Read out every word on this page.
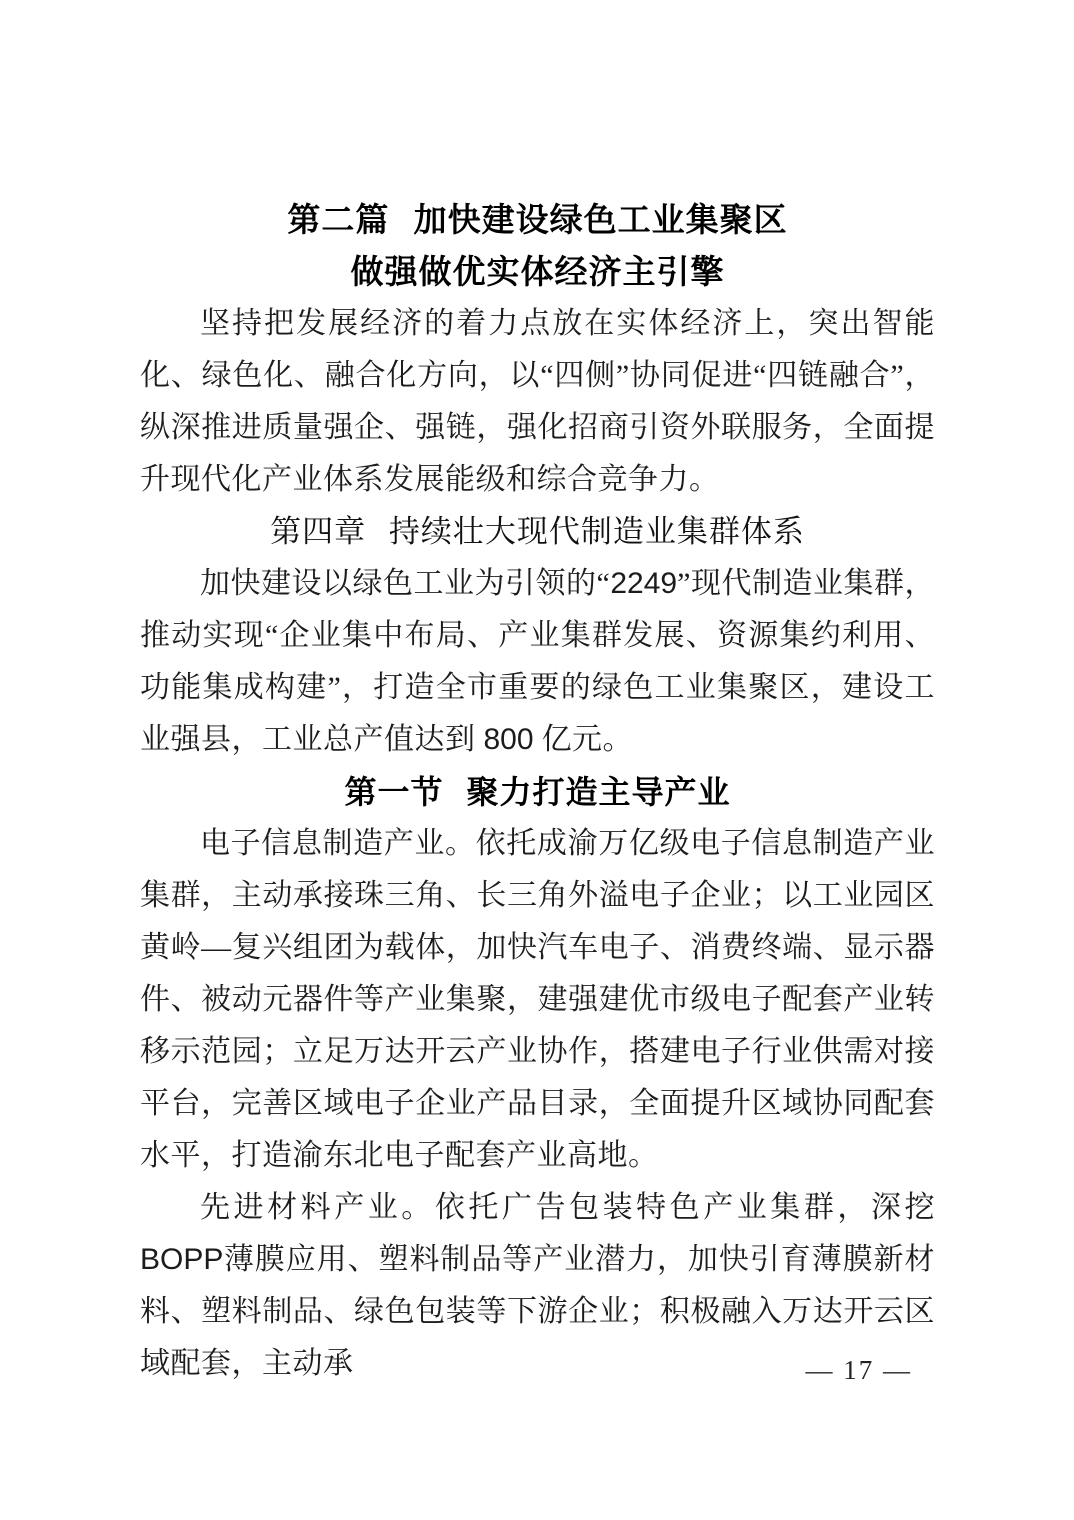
第二篇 加快建设绿色工业集聚区
做强做优实体经济主引擎

坚持把发展经济的着力点放在实体经济上，突出智能化、绿色化、融合化方向，以“四侧”协同促进“四链融合”，纵深推进质量强企、强链，强化招商引资外联服务，全面提升现代化产业体系发展能级和综合竞争力。

第四章 持续壮大现代制造业集群体系

加快建设以绿色工业为引领的“2249”现代制造业集群，推动实现“企业集中布局、产业集群发展、资源集约利用、功能集成构建”，打造全市重要的绿色工业集聚区，建设工业强县，工业总产值达到 800 亿元。

第一节 聚力打造主导产业

电子信息制造产业。依托成渝万亿级电子信息制造产业集群，主动承接珠三角、长三角外溢电子企业；以工业园区黄岭—复兴组团为载体，加快汽车电子、消费终端、显示器件、被动元器件等产业集聚，建强建优市级电子配套产业转移示范园；立足万达开云产业协作，搭建电子行业供需对接平台，完善区域电子企业产品目录，全面提升区域协同配套水平，打造渝东北电子配套产业高地。

先进材料产业。依托广告包装特色产业集群，深挖 BOPP薄膜应用、塑料制品等产业潜力，加快引育薄膜新材料、塑料制品、绿色包装等下游企业；积极融入万达开云区域配套，主动承	— 17 —
